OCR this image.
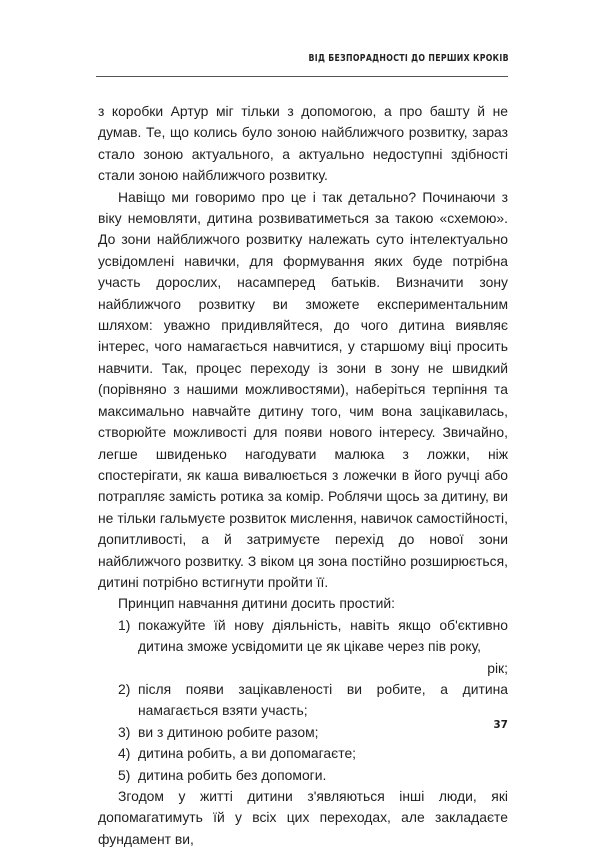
ВІД БЕЗПОРАДНОСТІ ДО ПЕРШИХ КРОКІВ

з коробки Артур міг тільки з допомогою, а про башту й не думав. Те, що колись було зоною найближчого розвитку, зараз стало зоною актуального, а актуально недоступні здібності стали зоною найближчого розвитку.

Навіщо ми говоримо про це і так детально? Починаючи з віку немовляти, дитина розвиватиметься за такою «схемою». До зони найближчого розвитку належать суто інтелектуально усвідомлені навички, для формування яких буде потрібна участь дорослих, насамперед батьків. Визначити зону найближчого розвитку ви зможете експериментальним шляхом: уважно придивляйтеся, до чого дитина виявляє інтерес, чого намагається навчитися, у старшому віці просить навчити. Так, процес переходу із зони в зону не швидкий (порівняно з нашими можливостями), наберіться терпіння та максимально навчайте дитину того, чим вона зацікавилась, створюйте можливості для появи нового інтересу. Звичайно, легше швиденько нагодувати малюка з ложки, ніж спостерігати, як каша вивалюється з ложечки в його ручці або потрапляє замість ротика за комір. Роблячи щось за дитину, ви не тільки гальмуєте розвиток мислення, навичок самостійності, допитливості, а й затримуєте перехід до нової зони найближчого розвитку. З віком ця зона постійно розширюється, дитині потрібно встигнути пройти її.

Принцип навчання дитини досить простий:

1) покажуйте їй нову діяльність, навіть якщо об'єктивно дитина зможе усвідомити це як цікаве через пів року,
рік;
2) після появи зацікавленості ви робите, а дитина намагається взяти участь;
3) ви з дитиною робите разом;
4) дитина робить, а ви допомагаєте;
5) дитина робить без допомоги.

Згодом у житті дитини з'являються інші люди, які допомагатимуть їй у всіх цих переходах, але закладаєте фундамент ви,

37
